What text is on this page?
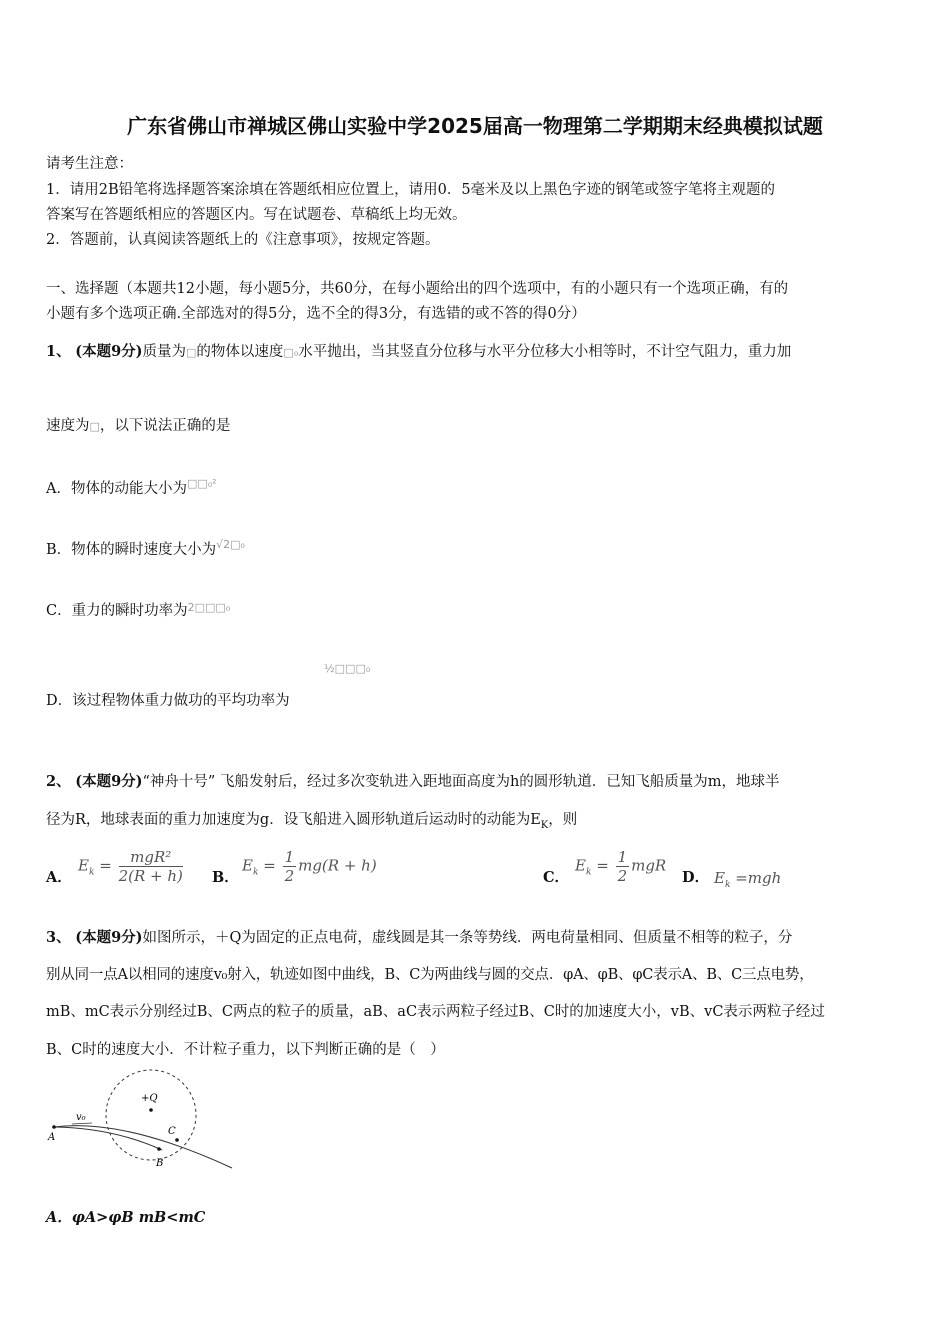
广东省佛山市禅城区佛山实验中学2025届高一物理第二学期期末经典模拟试题
请考生注意：
1．请用2B铅笔将选择题答案涂填在答题纸相应位置上，请用0．5毫米及以上黑色字迹的钢笔或签字笔将主观题的
答案写在答题纸相应的答题区内。写在试题卷、草稿纸上均无效。
2．答题前，认真阅读答题纸上的《注意事项》，按规定答题。
一、选择题（本题共12小题，每小题5分，共60分，在每小题给出的四个选项中，有的小题只有一个选项正确，有的
小题有多个选项正确.全部选对的得5分，选不全的得3分，有选错的或不答的得0分）
1、 (本题9分)质量为□的物体以速度□₀水平抛出，当其竖直分位移与水平分位移大小相等时，不计空气阻力，重力加
速度为□，以下说法正确的是
A．物体的动能大小为$^{□□_0^2}$
B．物体的瞬时速度大小为$^{√2□_0}$
C．重力的瞬时功率为$^{2□□□_0}$
D．该过程物体重力做功的平均功率为
½□□□₀
2、 (本题9分)“神舟十号” 飞船发射后，经过多次变轨进入距地面高度为h的圆形轨道．已知飞船质量为m，地球半
径为R，地球表面的重力加速度为g．设飞船进入圆形轨道后运动时的动能为$E_K$，则
A．
$E_k = \frac{\text{mgR²}}{2(R + h)}$ B．
$E_k = \frac{1}{2} mg(R + h)$
C．
$E_k = \frac{1}{2}$ mgR
D． $E_k =mgh$
3、 (本题9分)如图所示，＋Q为固定的正点电荷，虚线圆是其一条等势线．两电荷量相同、但质量不相等的粒子，分
别从同一点A以相同的速度v₀射入，轨迹如图中曲线，B、C为两曲线与圆的交点．φA、φB、φC表示A、B、C三点电势，
mB、mC表示分别经过B、C两点的粒子的质量，aB、aC表示两粒子经过B、C时的加速度大小，vB、vC表示两粒子经过
B、C时的速度大小．不计粒子重力，以下判断正确的是（　）
+Q
v₀
A
C
B
A．φA>φB mB<mC
